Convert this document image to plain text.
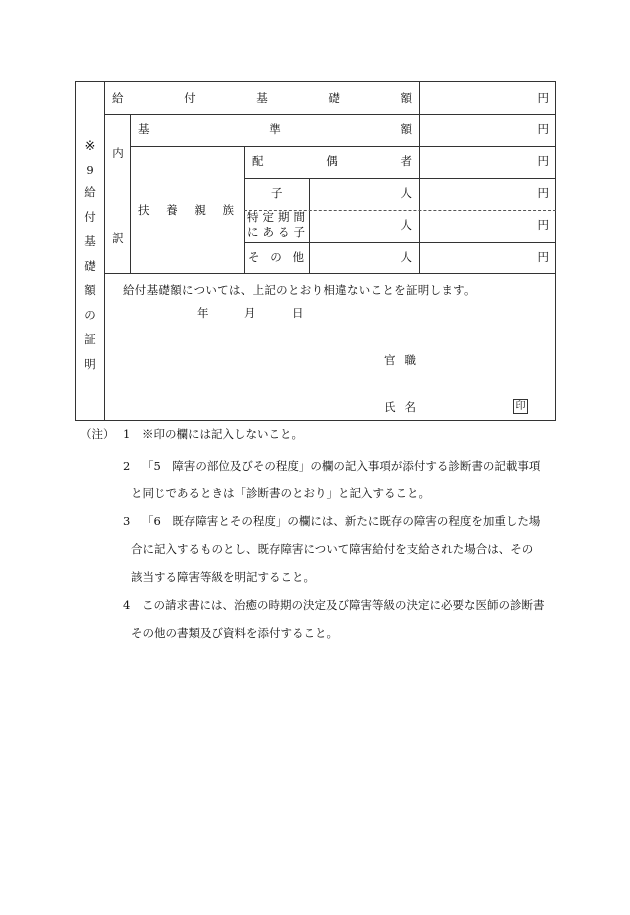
※
9
給
付
基
礎
額
の
証
明
給	付	基	礎	額	円
内
訳
基	準	額	円
扶 養 親 族
配	偶	者	円
子	人	円
特 定 期 間
に あ る 子	人	円
そ の 他	人	円
給付基礎額については、上記のとおり相違ないことを証明します。
年	月	日
官 職
氏 名	印
（注） 1 ※印の欄には記入しないこと。
2 「5　障害の部位及びその程度」の欄の記入事項が添付する診断書の記載事項
と同じであるときは「診断書のとおり」と記入すること。
3 「6　既存障害とその程度」の欄には、新たに既存の障害の程度を加重した場
合に記入するものとし、既存障害について障害給付を支給された場合は、その
該当する障害等級を明記すること。
4 この請求書には、治癒の時期の決定及び障害等級の決定に必要な医師の診断書
その他の書類及び資料を添付すること。
